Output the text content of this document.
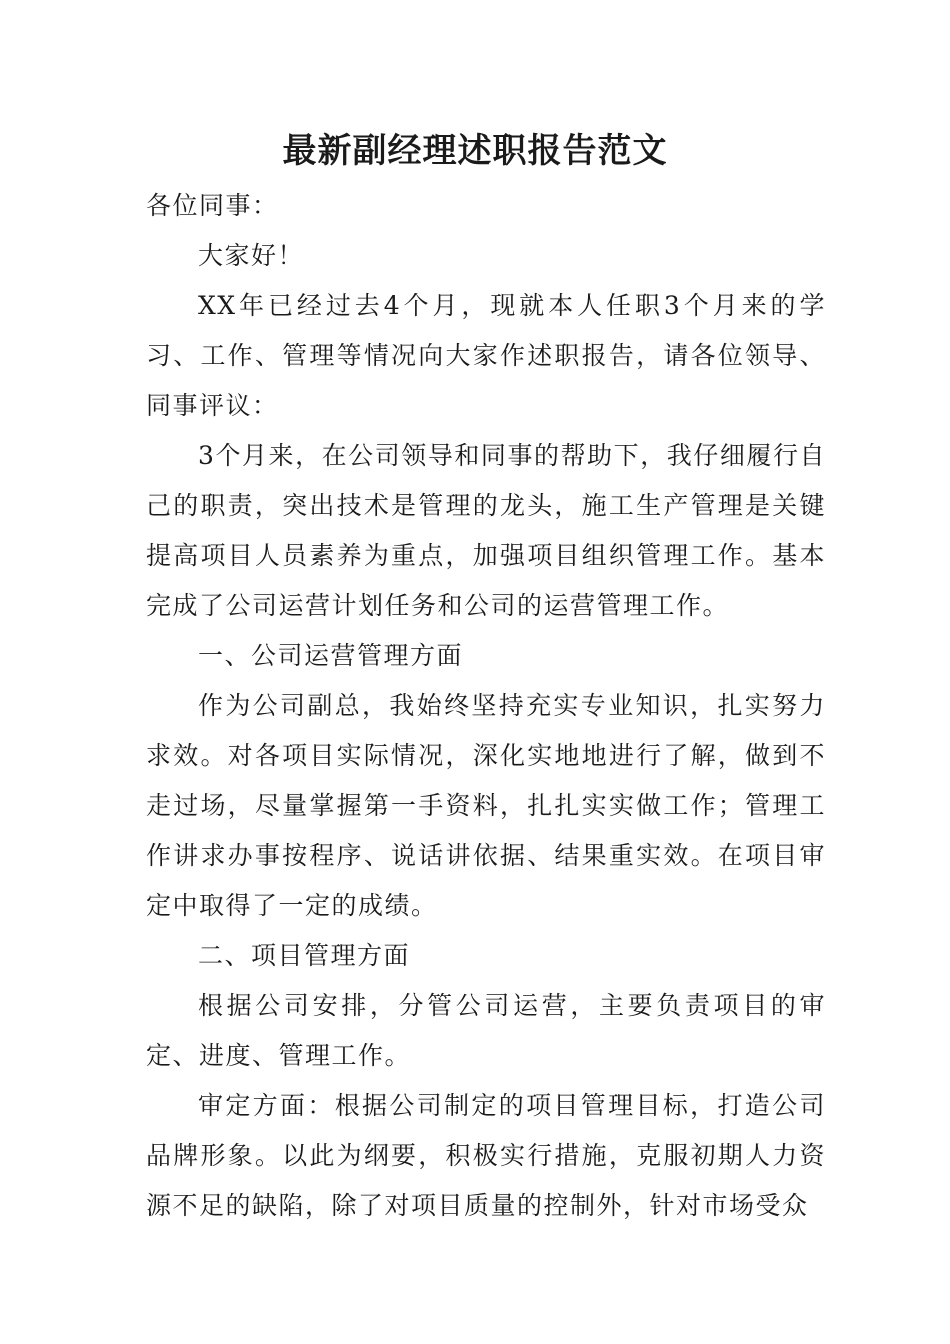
最新副经理述职报告范文

各位同事：

大家好！

XX年已经过去4个月，现就本人任职3个月来的学习、工作、管理等情况向大家作述职报告，请各位领导、同事评议：

3个月来，在公司领导和同事的帮助下，我仔细履行自己的职责，突出技术是管理的龙头，施工生产管理是关键提高项目人员素养为重点，加强项目组织管理工作。基本完成了公司运营计划任务和公司的运营管理工作。

一、公司运营管理方面

作为公司副总，我始终坚持充实专业知识，扎实努力求效。对各项目实际情况，深化实地地进行了解，做到不走过场，尽量掌握第一手资料，扎扎实实做工作；管理工作讲求办事按程序、说话讲依据、结果重实效。在项目审定中取得了一定的成绩。

二、项目管理方面

根据公司安排，分管公司运营，主要负责项目的审定、进度、管理工作。

审定方面：根据公司制定的项目管理目标，打造公司品牌形象。以此为纲要，积极实行措施，克服初期人力资源不足的缺陷，除了对项目质量的控制外，针对市场受众
